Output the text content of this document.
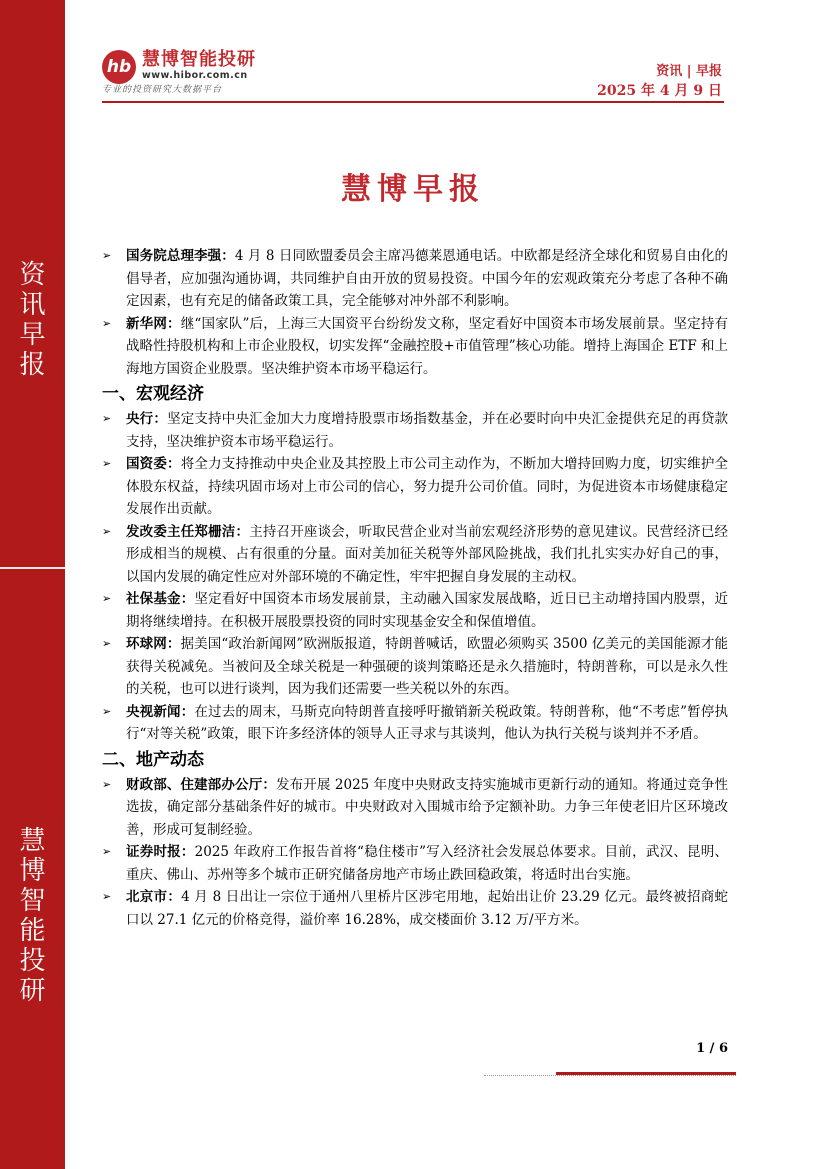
资
讯
早
报
慧
博
智
能
投
研
hb 慧博智能投研
www.hibor.com.cn
专业的投资研究大数据平台
资讯 | 早报
2025 年 4 月 9 日
慧博早报
➢ 国务院总理李强：4 月 8 日同欧盟委员会主席冯德莱恩通电话。中欧都是经济全球化和贸易自由化的倡导者，应加强沟通协调，共同维护自由开放的贸易投资。中国今年的宏观政策充分考虑了各种不确定因素，也有充足的储备政策工具，完全能够对冲外部不利影响。
➢ 新华网：继“国家队”后，上海三大国资平台纷纷发文称，坚定看好中国资本市场发展前景。坚定持有战略性持股机构和上市企业股权，切实发挥“金融控股+市值管理”核心功能。增持上海国企 ETF 和上海地方国资企业股票。坚决维护资本市场平稳运行。
一、宏观经济
➢ 央行：坚定支持中央汇金加大力度增持股票市场指数基金，并在必要时向中央汇金提供充足的再贷款支持，坚决维护资本市场平稳运行。
➢ 国资委：将全力支持推动中央企业及其控股上市公司主动作为，不断加大增持回购力度，切实维护全体股东权益，持续巩固市场对上市公司的信心，努力提升公司价值。同时，为促进资本市场健康稳定发展作出贡献。
➢ 发改委主任郑栅洁：主持召开座谈会，听取民营企业对当前宏观经济形势的意见建议。民营经济已经形成相当的规模、占有很重的分量。面对美加征关税等外部风险挑战，我们扎扎实实办好自己的事，以国内发展的确定性应对外部环境的不确定性，牢牢把握自身发展的主动权。
➢ 社保基金：坚定看好中国资本市场发展前景，主动融入国家发展战略，近日已主动增持国内股票，近期将继续增持。在积极开展股票投资的同时实现基金安全和保值增值。
➢ 环球网：据美国“政治新闻网”欧洲版报道，特朗普喊话，欧盟必须购买 3500 亿美元的美国能源才能获得关税减免。当被问及全球关税是一种强硬的谈判策略还是永久措施时，特朗普称，可以是永久性的关税，也可以进行谈判，因为我们还需要一些关税以外的东西。
➢ 央视新闻：在过去的周末，马斯克向特朗普直接呼吁撤销新关税政策。特朗普称，他“不考虑”暂停执行“对等关税”政策，眼下许多经济体的领导人正寻求与其谈判，他认为执行关税与谈判并不矛盾。
二、地产动态
➢ 财政部、住建部办公厅：发布开展 2025 年度中央财政支持实施城市更新行动的通知。将通过竞争性选拔，确定部分基础条件好的城市。中央财政对入围城市给予定额补助。力争三年使老旧片区环境改善，形成可复制经验。
➢ 证券时报：2025 年政府工作报告首将“稳住楼市”写入经济社会发展总体要求。目前，武汉、昆明、重庆、佛山、苏州等多个城市正研究储备房地产市场止跌回稳政策，将适时出台实施。
➢ 北京市：4 月 8 日出让一宗位于通州八里桥片区涉宅用地，起始出让价 23.29 亿元。最终被招商蛇口以 27.1 亿元的价格竞得，溢价率 16.28%，成交楼面价 3.12 万/平方米。
1 / 6
